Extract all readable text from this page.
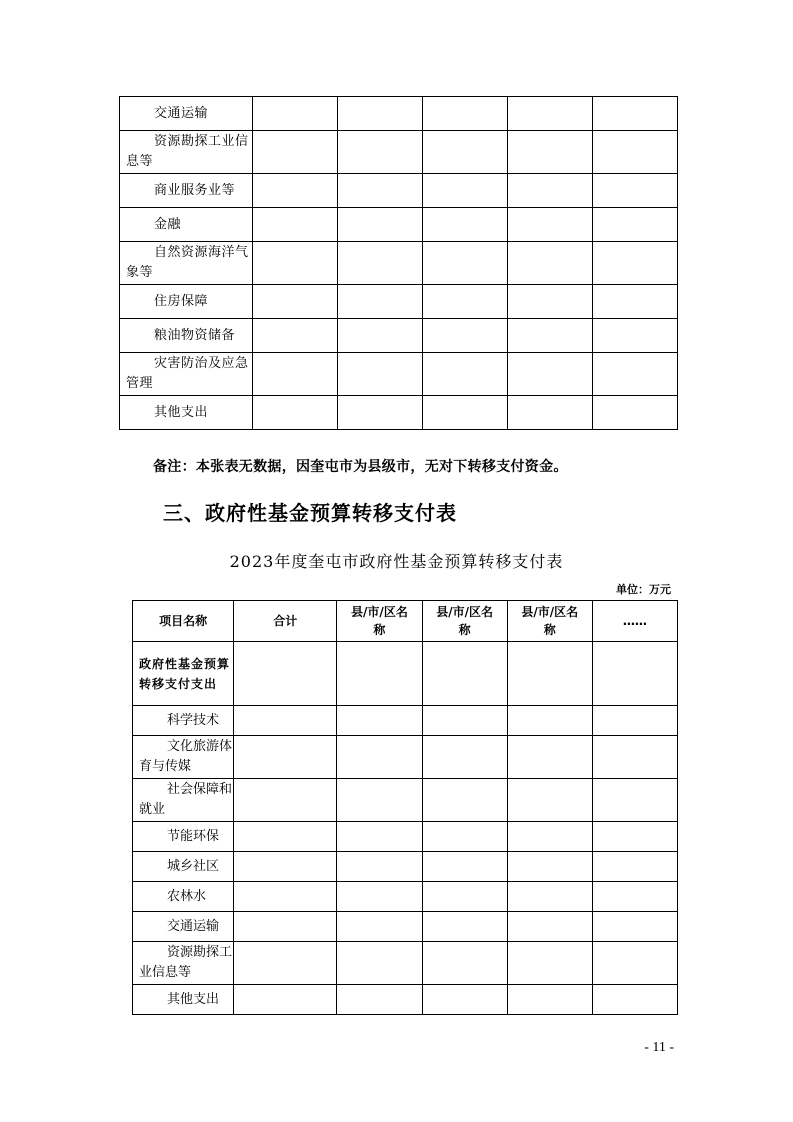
交通运输					
资源勘探工业信息等					
商业服务业等					
金融					
自然资源海洋气象等					
住房保障					
粮油物资储备					
灾害防治及应急管理					
其他支出					
备注：本张表无数据，因奎屯市为县级市，无对下转移支付资金。
三、政府性基金预算转移支付表
2023年度奎屯市政府性基金预算转移支付表
单位：万元
项目名称	合计	县/市/区名称	县/市/区名称	县/市/区名称	……
政府性基金预算转移支付支出					
科学技术					
文化旅游体育与传媒					
社会保障和就业					
节能环保					
城乡社区					
农林水					
交通运输					
资源勘探工业信息等					
其他支出					
- 11 -
